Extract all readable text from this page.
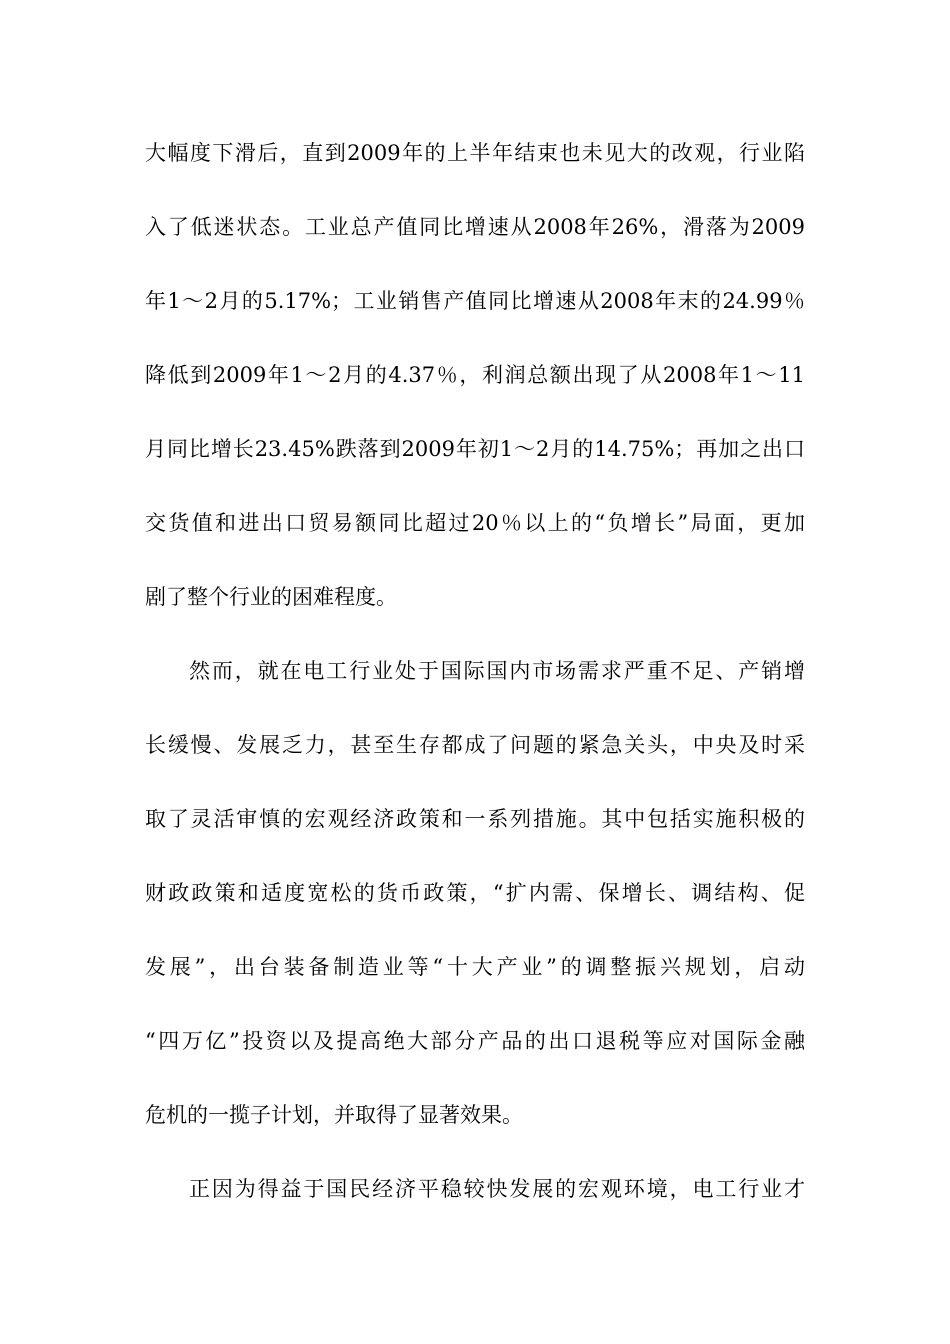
大幅度下滑后，直到2009年的上半年结束也未见大的改观，行业陷
入了低迷状态。工业总产值同比增速从2008年26%，滑落为2009
年1～2月的5.17%；工业销售产值同比增速从2008年末的24.99％
降低到2009年1～2月的4.37％，利润总额出现了从2008年1～11
月同比增长23.45%跌落到2009年初1～2月的14.75%；再加之出口
交货值和进出口贸易额同比超过20％以上的“负增长”局面，更加
剧了整个行业的困难程度。
然而，就在电工行业处于国际国内市场需求严重不足、产销增
长缓慢、发展乏力，甚至生存都成了问题的紧急关头，中央及时采
取了灵活审慎的宏观经济政策和一系列措施。其中包括实施积极的
财政政策和适度宽松的货币政策，“扩内需、保增长、调结构、促
发展”，出台装备制造业等“十大产业”的调整振兴规划，启动
“四万亿”投资以及提高绝大部分产品的出口退税等应对国际金融
危机的一揽子计划，并取得了显著效果。
正因为得益于国民经济平稳较快发展的宏观环境，电工行业才
